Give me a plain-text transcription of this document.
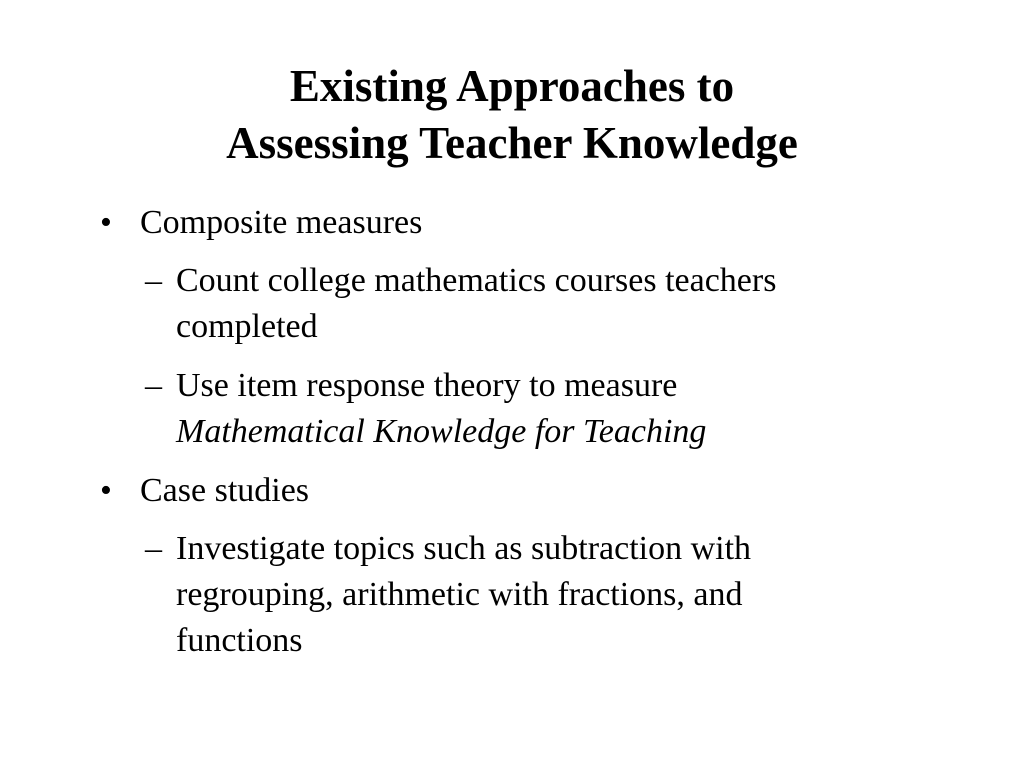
Existing Approaches to
Assessing Teacher Knowledge
• Composite measures
– Count college mathematics courses teachers
completed
– Use item response theory to measure
Mathematical Knowledge for Teaching
• Case studies
– Investigate topics such as subtraction with
regrouping, arithmetic with fractions, and
functions
